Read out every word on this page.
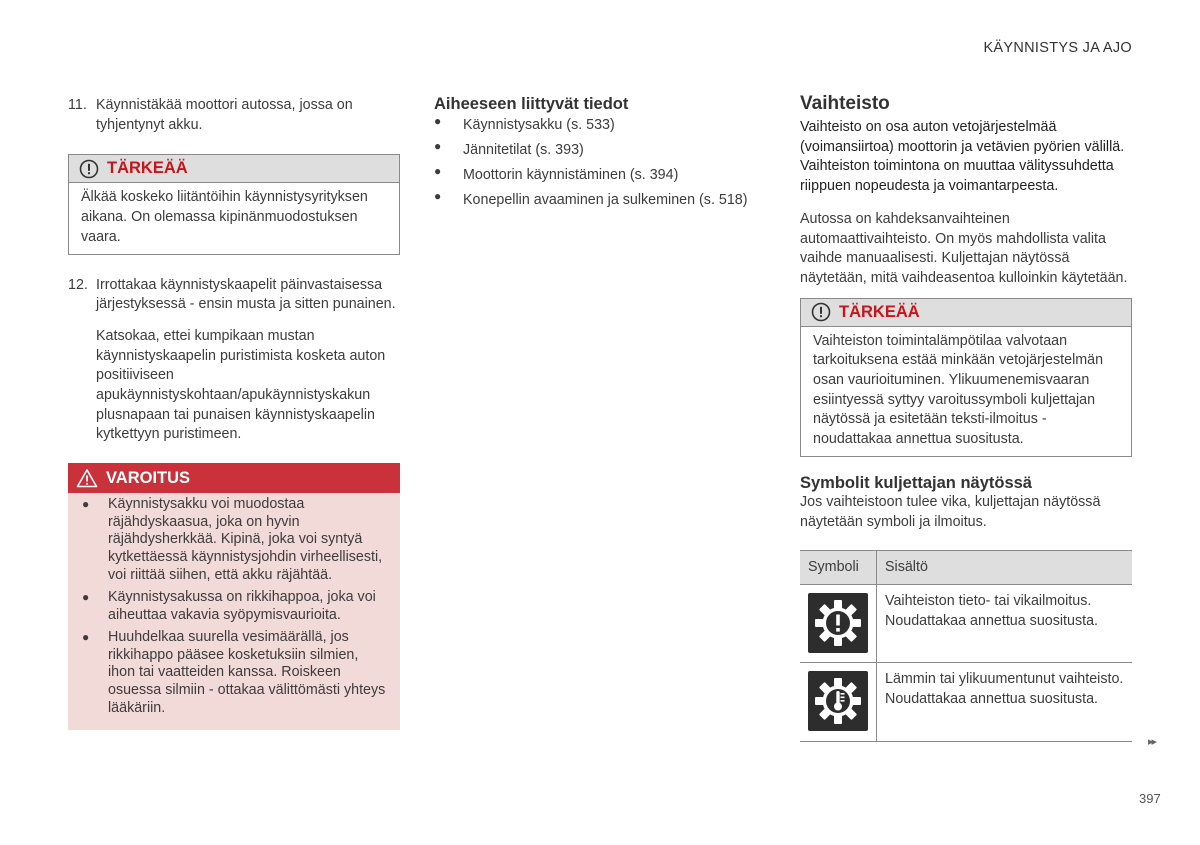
KÄYNNISTYS JA AJO
11. Käynnistäkää moottori autossa, jossa on tyhjentynyt akku.
TÄRKEÄÄ
Älkää koskeko liitäntöihin käynnistysyrityksen aikana. On olemassa kipinänmuodostuksen vaara.
12. Irrottakaa käynnistyskaapelit päinvastaisessa järjestyksessä - ensin musta ja sitten punainen.
Katsokaa, ettei kumpikaan mustan käynnistyskaapelin puristimista kosketa auton positiiviseen apukäynnistyskohtaan/apukäynnistyskakun plusnapaan tai punaisen käynnistyskaapelin kytkettyyn puristimeen.
VAROITUS
●	Käynnistysakku voi muodostaa räjähdyskaasua, joka on hyvin räjähdysherkkää. Kipinä, joka voi syntyä kytkettäessä käynnistysjohdin virheellisesti, voi riittää siihen, että akku räjähtää.
●	Käynnistysakussa on rikkihappoa, joka voi aiheuttaa vakavia syöpymisvaurioita.
●	Huuhdelkaa suurella vesimäärällä, jos rikkihappo pääsee kosketuksiin silmien, ihon tai vaatteiden kanssa. Roiskeen osuessa silmiin - ottakaa välittömästi yhteys lääkäriin.
Aiheeseen liittyvät tiedot
●	Käynnistysakku (s. 533)
●	Jännitetilat (s. 393)
●	Moottorin käynnistäminen (s. 394)
●	Konepellin avaaminen ja sulkeminen (s. 518)
Vaihteisto
Vaihteisto on osa auton vetojärjestelmää (voimansiirtoa) moottorin ja vetävien pyörien välillä. Vaihteiston toimintona on muuttaa välityssuhdetta riippuen nopeudesta ja voimantarpeesta.
Autossa on kahdeksanvaihteinen automaattivaihteisto. On myös mahdollista valita vaihde manuaalisesti. Kuljettajan näytössä näytetään, mitä vaihdeasentoa kulloinkin käytetään.
TÄRKEÄÄ
Vaihteiston toimintalämpötilaa valvotaan tarkoituksena estää minkään vetojärjestelmän osan vaurioituminen. Ylikuumenemisvaaran esiintyessä syttyy varoitussymboli kuljettajan näytössä ja esitetään teksti-ilmoitus - noudattakaa annettua suositusta.
Symbolit kuljettajan näytössä
Jos vaihteistoon tulee vika, kuljettajan näytössä näytetään symboli ja ilmoitus.
Symboli	Sisältö

	Vaihteiston tieto- tai vikailmoitus. Noudattakaa annettua suositusta.

	Lämmin tai ylikuumentunut vaihteisto. Noudattakaa annettua suositusta.
▸▸
397
